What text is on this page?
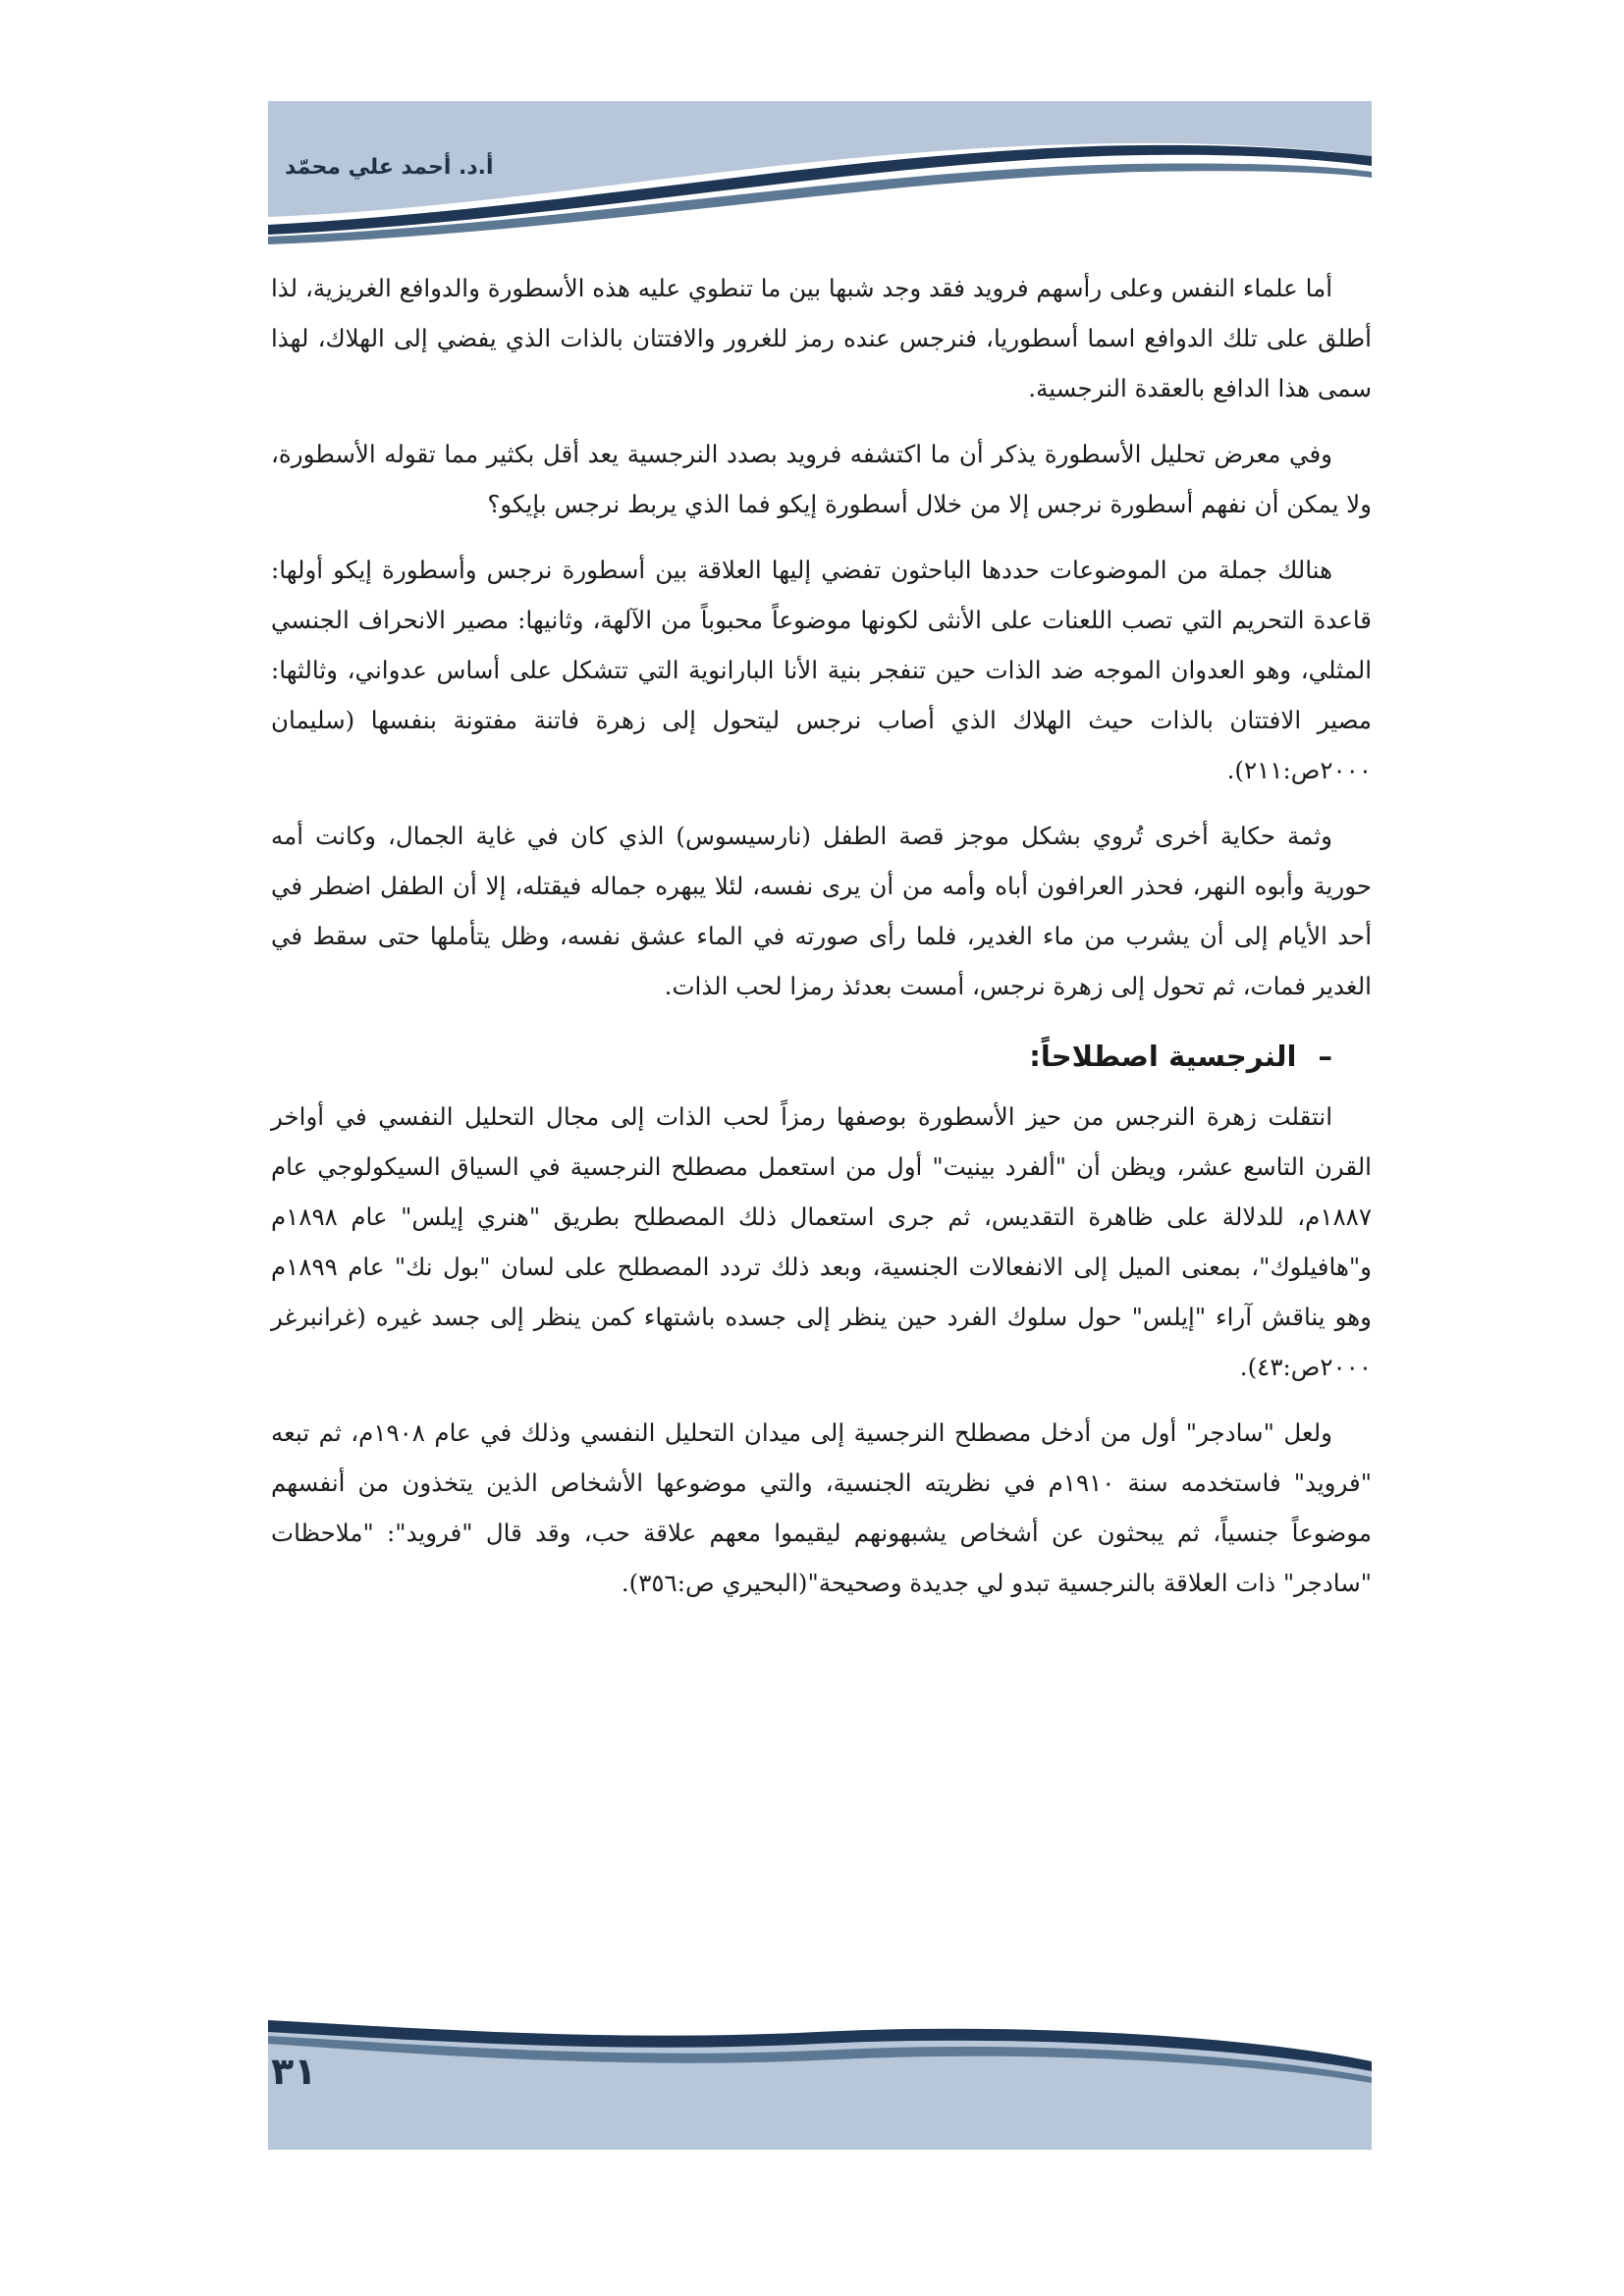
أ.د. أحمد علي محمّد

أما علماء النفس وعلى رأسهم فرويد فقد وجد شبها بين ما تنطوي عليه هذه الأسطورة والدوافع الغريزية، لذا أطلق على تلك الدوافع اسما أسطوريا، فنرجس عنده رمز للغرور والافتتان بالذات الذي يفضي إلى الهلاك، لهذا سمى هذا الدافع بالعقدة النرجسية.

وفي معرض تحليل الأسطورة يذكر أن ما اكتشفه فرويد بصدد النرجسية يعد أقل بكثير مما تقوله الأسطورة، ولا يمكن أن نفهم أسطورة نرجس إلا من خلال أسطورة إيكو فما الذي يربط نرجس بإيكو؟

هنالك جملة من الموضوعات حددها الباحثون تفضي إليها العلاقة بين أسطورة نرجس وأسطورة إيكو أولها: قاعدة التحريم التي تصب اللعنات على الأنثى لكونها موضوعاً محبوباً من الآلهة، وثانيها: مصير الانحراف الجنسي المثلي، وهو العدوان الموجه ضد الذات حين تنفجر بنية الأنا البارانوية التي تتشكل على أساس عدواني، وثالثها: مصير الافتتان بالذات حيث الهلاك الذي أصاب نرجس ليتحول إلى زهرة فاتنة مفتونة بنفسها (سليمان ٢٠٠٠ص:٢١١).

وثمة حكاية أخرى تُروي بشكل موجز قصة الطفل (نارسيسوس) الذي كان في غاية الجمال، وكانت أمه حورية وأبوه النهر، فحذر العرافون أباه وأمه من أن يرى نفسه، لئلا يبهره جماله فيقتله، إلا أن الطفل اضطر في أحد الأيام إلى أن يشرب من ماء الغدير، فلما رأى صورته في الماء عشق نفسه، وظل يتأملها حتى سقط في الغدير فمات، ثم تحول إلى زهرة نرجس، أمست بعدئذ رمزا لحب الذات.

–النرجسية اصطلاحاً:

انتقلت زهرة النرجس من حيز الأسطورة بوصفها رمزاً لحب الذات إلى مجال التحليل النفسي في أواخر القرن التاسع عشر، ويظن أن "ألفرد بينيت" أول من استعمل مصطلح النرجسية في السياق السيكولوجي عام ١٨٨٧م، للدلالة على ظاهرة التقديس، ثم جرى استعمال ذلك المصطلح بطريق "هنري إيلس" عام ١٨٩٨م و"هافيلوك"، بمعنى الميل إلى الانفعالات الجنسية، وبعد ذلك تردد المصطلح على لسان "بول نك" عام ١٨٩٩م وهو يناقش آراء "إيلس" حول سلوك الفرد حين ينظر إلى جسده باشتهاء كمن ينظر إلى جسد غيره (غرانبرغر ٢٠٠٠ص:٤٣).

ولعل "سادجر" أول من أدخل مصطلح النرجسية إلى ميدان التحليل النفسي وذلك في عام ١٩٠٨م، ثم تبعه "فرويد" فاستخدمه سنة ١٩١٠م في نظريته الجنسية، والتي موضوعها الأشخاص الذين يتخذون من أنفسهم موضوعاً جنسياً، ثم يبحثون عن أشخاص يشبهونهم ليقيموا معهم علاقة حب، وقد قال "فرويد": "ملاحظات "سادجر" ذات العلاقة بالنرجسية تبدو لي جديدة وصحيحة"(البحيري ص:٣٥٦).

٣١
